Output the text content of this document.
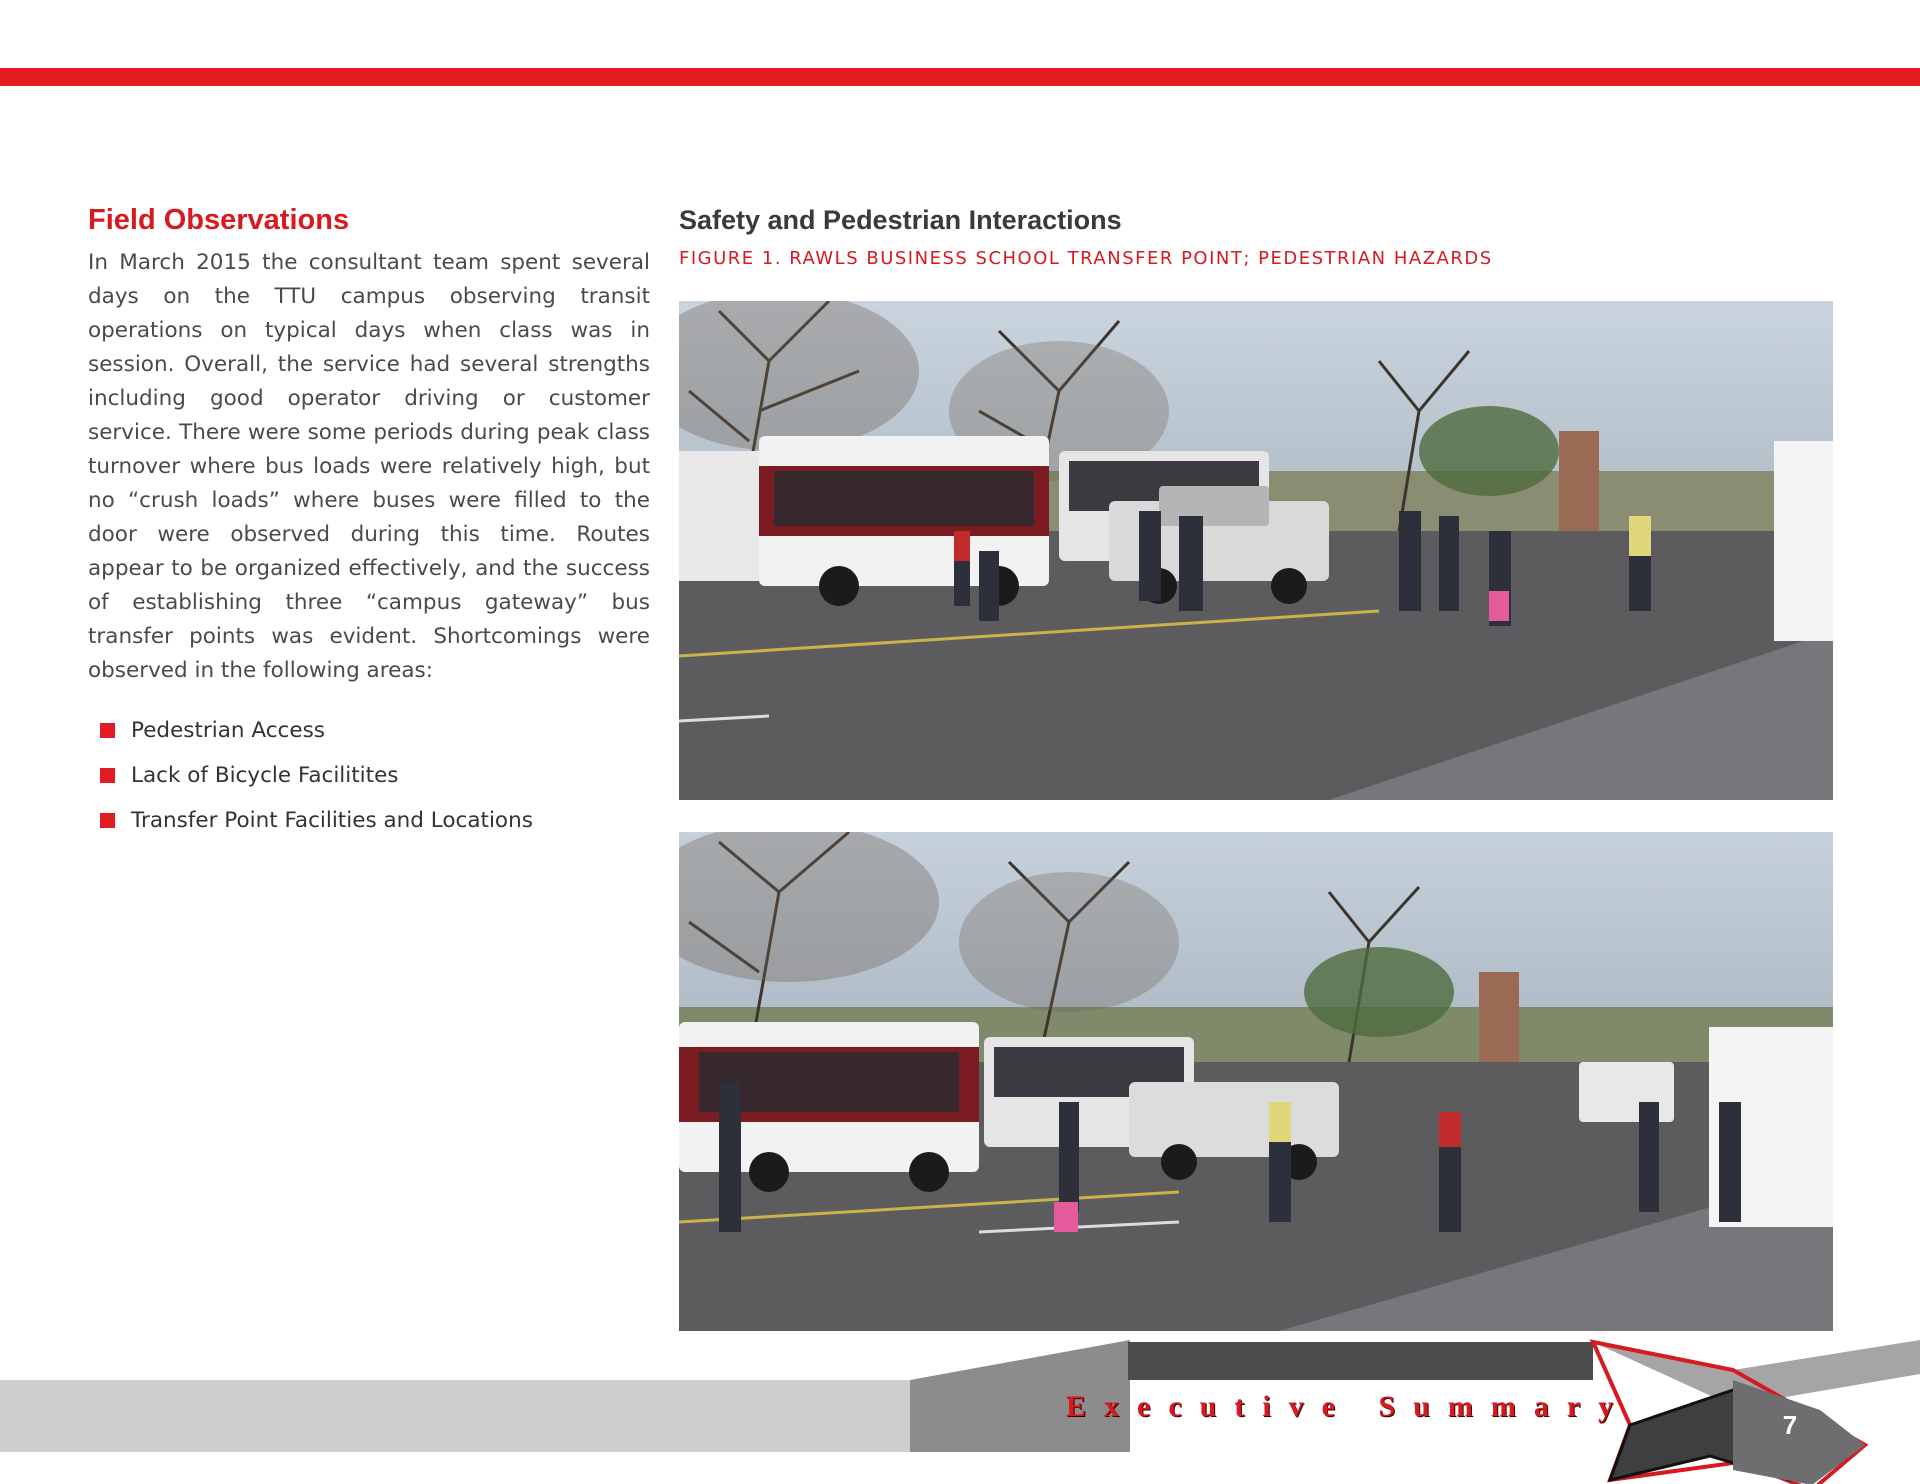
Field Observations

In March 2015 the consultant team spent several days on the TTU campus observing transit operations on typical days when class was in session. Overall, the service had several strengths including good operator driving or customer service. There were some periods during peak class turnover where bus loads were relatively high, but no “crush loads” where buses were filled to the door were observed during this time. Routes appear to be organized effectively, and the success of establishing three “campus gateway” bus transfer points was evident. Shortcomings were observed in the following areas:

Pedestrian Access
Lack of Bicycle Facilitites
Transfer Point Facilities and Locations
Safety and Pedestrian Interactions
FIGURE 1. RAWLS BUSINESS SCHOOL TRANSFER POINT; PEDESTRIAN HAZARDS
Executive Summary
7
